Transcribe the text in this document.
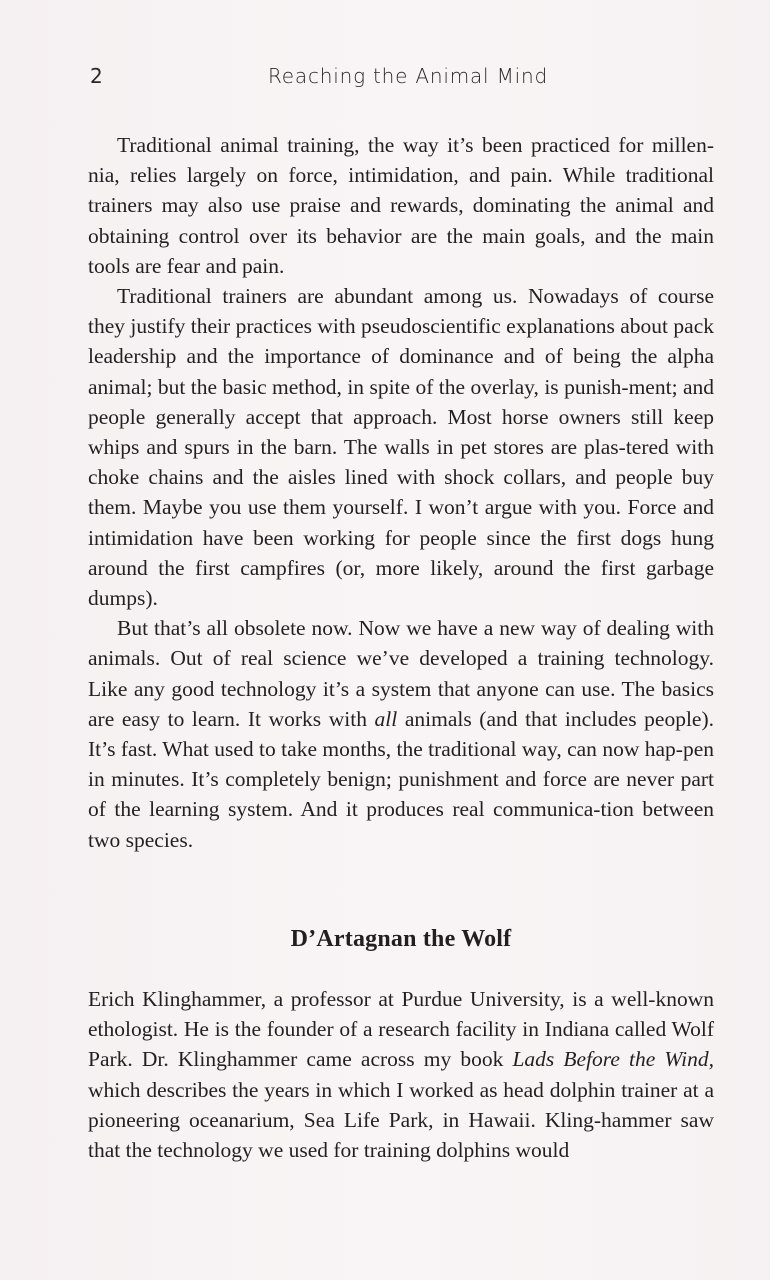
2	Reaching the Animal Mind

Traditional animal training, the way it’s been practiced for millen-nia, relies largely on force, intimidation, and pain. While traditional trainers may also use praise and rewards, dominating the animal and obtaining control over its behavior are the main goals, and the main tools are fear and pain.

Traditional trainers are abundant among us. Nowadays of course they justify their practices with pseudoscientific explanations about pack leadership and the importance of dominance and of being the alpha animal; but the basic method, in spite of the overlay, is punish-ment; and people generally accept that approach. Most horse owners still keep whips and spurs in the barn. The walls in pet stores are plas-tered with choke chains and the aisles lined with shock collars, and people buy them. Maybe you use them yourself. I won’t argue with you. Force and intimidation have been working for people since the first dogs hung around the first campfires (or, more likely, around the first garbage dumps).

But that’s all obsolete now. Now we have a new way of dealing with animals. Out of real science we’ve developed a training technology. Like any good technology it’s a system that anyone can use. The basics are easy to learn. It works with all animals (and that includes people). It’s fast. What used to take months, the traditional way, can now hap-pen in minutes. It’s completely benign; punishment and force are never part of the learning system. And it produces real communica-tion between two species.

D’Artagnan the Wolf

Erich Klinghammer, a professor at Purdue University, is a well-known ethologist. He is the founder of a research facility in Indiana called Wolf Park. Dr. Klinghammer came across my book Lads Before the Wind, which describes the years in which I worked as head dolphin trainer at a pioneering oceanarium, Sea Life Park, in Hawaii. Kling-hammer saw that the technology we used for training dolphins would
